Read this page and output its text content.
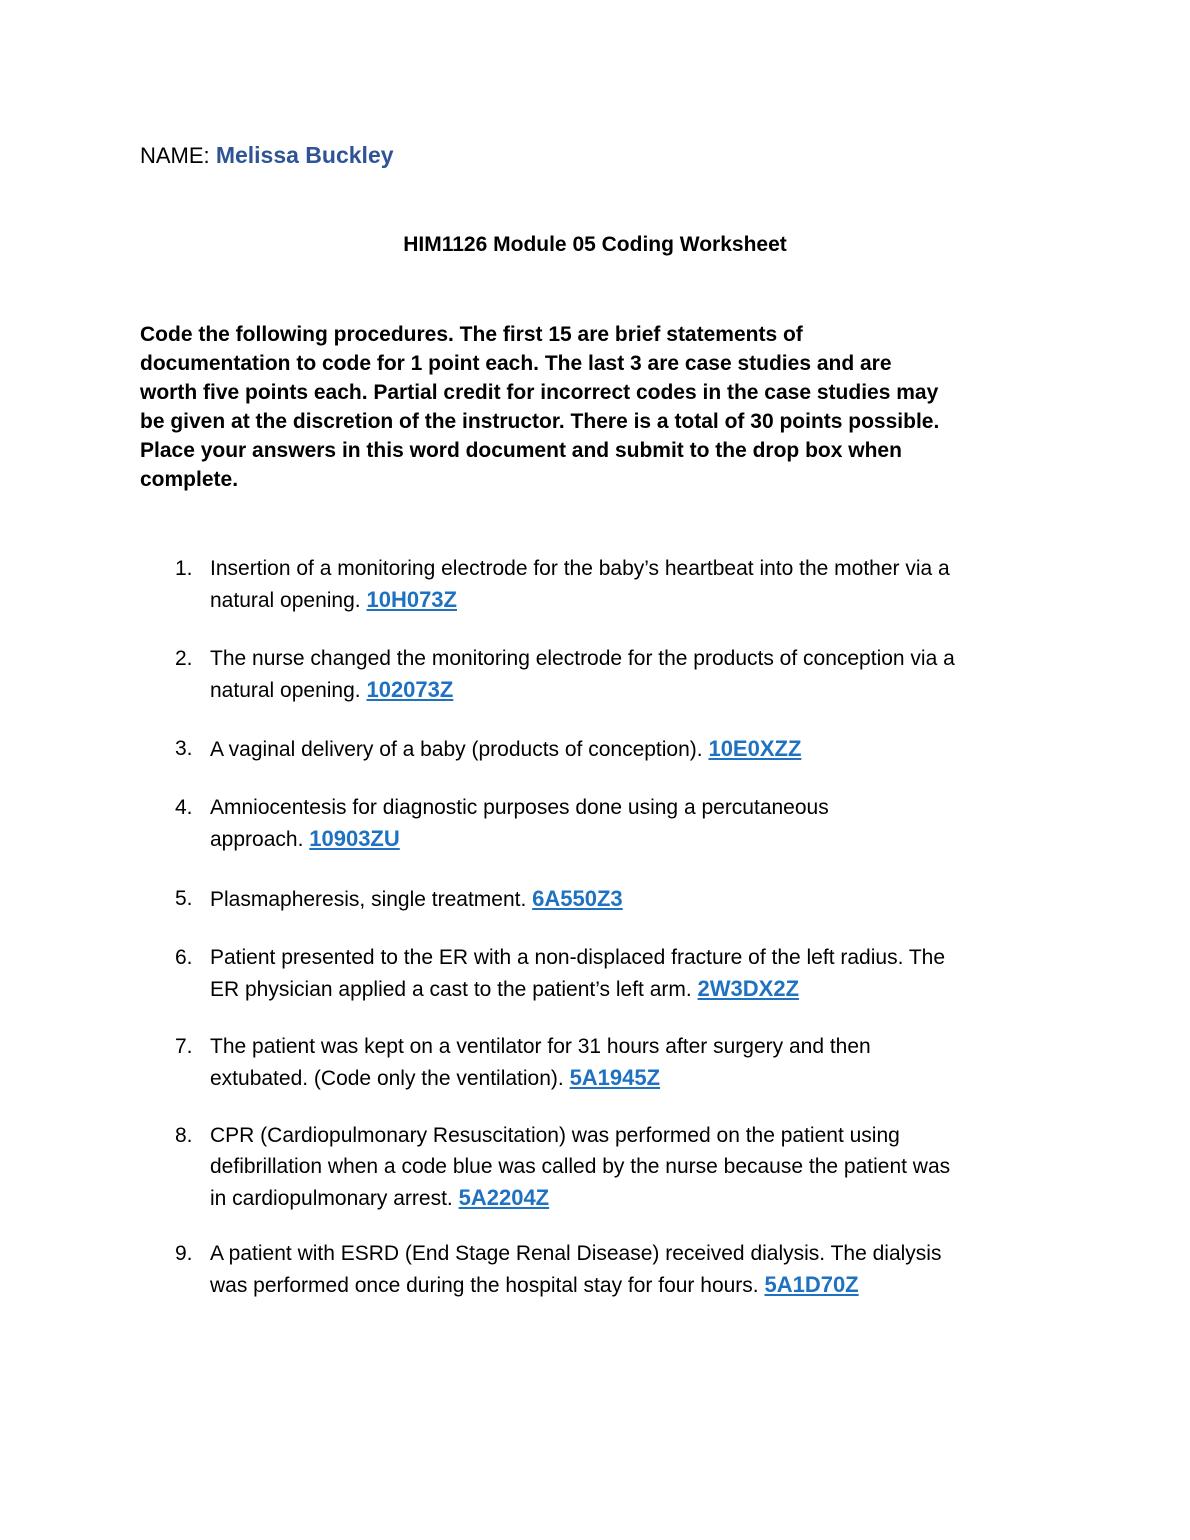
NAME: Melissa Buckley
HIM1126 Module 05 Coding Worksheet
Code the following procedures. The first 15 are brief statements of
documentation to code for 1 point each. The last 3 are case studies and are
worth five points each. Partial credit for incorrect codes in the case studies may
be given at the discretion of the instructor. There is a total of 30 points possible.
Place your answers in this word document and submit to the drop box when
complete.
1. Insertion of a monitoring electrode for the baby’s heartbeat into the mother via a
natural opening. 10H073Z
2. The nurse changed the monitoring electrode for the products of conception via a
natural opening. 102073Z
3. A vaginal delivery of a baby (products of conception). 10E0XZZ
4. Amniocentesis for diagnostic purposes done using a percutaneous
approach. 10903ZU
5. Plasmapheresis, single treatment. 6A550Z3
6. Patient presented to the ER with a non-displaced fracture of the left radius. The
ER physician applied a cast to the patient’s left arm. 2W3DX2Z
7. The patient was kept on a ventilator for 31 hours after surgery and then
extubated. (Code only the ventilation). 5A1945Z
8. CPR (Cardiopulmonary Resuscitation) was performed on the patient using
defibrillation when a code blue was called by the nurse because the patient was
in cardiopulmonary arrest. 5A2204Z
9. A patient with ESRD (End Stage Renal Disease) received dialysis. The dialysis
was performed once during the hospital stay for four hours. 5A1D70Z
